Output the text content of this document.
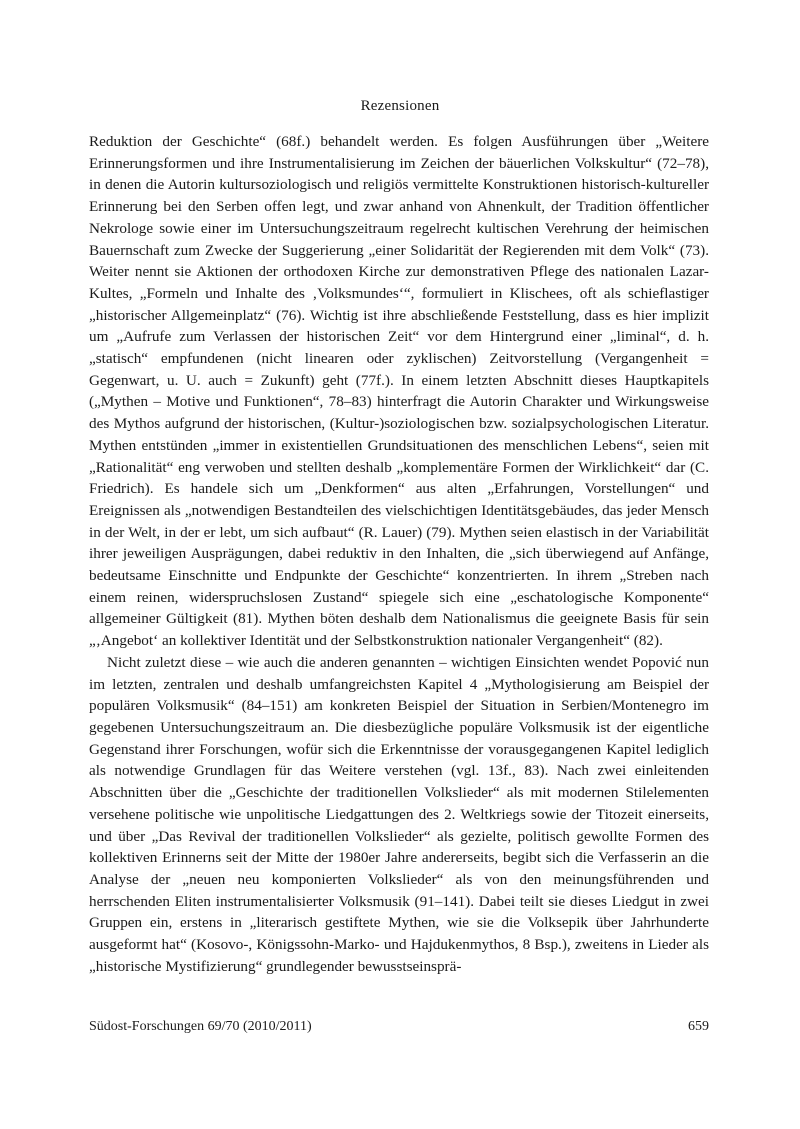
Rezensionen

Reduktion der Geschichte“ (68f.) behandelt werden. Es folgen Ausführungen über „Weitere Erinnerungsformen und ihre Instrumentalisierung im Zeichen der bäuerlichen Volkskultur“ (72–78), in denen die Autorin kultursoziologisch und religiös vermittelte Konstruktionen historisch-kultureller Erinnerung bei den Serben offen legt, und zwar anhand von Ahnenkult, der Tradition öffentlicher Nekrologe sowie einer im Untersuchungszeitraum regelrecht kultischen Verehrung der heimischen Bauernschaft zum Zwecke der Suggerierung „einer Solidarität der Regierenden mit dem Volk“ (73). Weiter nennt sie Aktionen der orthodoxen Kirche zur demonstrativen Pflege des nationalen Lazar-Kultes, „Formeln und Inhalte des ‚Volksmundes‘“, formuliert in Klischees, oft als schieflastiger „historischer Allgemeinplatz“ (76). Wichtig ist ihre abschließende Feststellung, dass es hier implizit um „Aufrufe zum Verlassen der historischen Zeit“ vor dem Hintergrund einer „liminal“, d. h. „statisch“ empfundenen (nicht linearen oder zyklischen) Zeitvorstellung (Vergangenheit = Gegenwart, u. U. auch = Zukunft) geht (77f.). In einem letzten Abschnitt dieses Hauptkapitels („Mythen – Motive und Funktionen“, 78–83) hinterfragt die Autorin Charakter und Wirkungsweise des Mythos aufgrund der historischen, (Kultur-)soziologischen bzw. sozialpsychologischen Literatur. Mythen entstünden „immer in existentiellen Grundsituationen des menschlichen Lebens“, seien mit „Rationalität“ eng verwoben und stellten deshalb „komplementäre Formen der Wirklichkeit“ dar (C. Friedrich). Es handele sich um „Denkformen“ aus alten „Erfahrungen, Vorstellungen“ und Ereignissen als „notwendigen Bestandteilen des vielschichtigen Identitätsgebäudes, das jeder Mensch in der Welt, in der er lebt, um sich aufbaut“ (R. Lauer) (79). Mythen seien elastisch in der Variabilität ihrer jeweiligen Ausprägungen, dabei reduktiv in den Inhalten, die „sich überwiegend auf Anfänge, bedeutsame Einschnitte und Endpunkte der Geschichte“ konzentrierten. In ihrem „Streben nach einem reinen, widerspruchslosen Zustand“ spiegele sich eine „eschatologische Komponente“ allgemeiner Gültigkeit (81). Mythen böten deshalb dem Nationalismus die geeignete Basis für sein „‚Angebot‘ an kollektiver Identität und der Selbstkonstruktion nationaler Vergangenheit“ (82).

Nicht zuletzt diese – wie auch die anderen genannten – wichtigen Einsichten wendet Popović nun im letzten, zentralen und deshalb umfangreichsten Kapitel 4 „Mythologisierung am Beispiel der populären Volksmusik“ (84–151) am konkreten Beispiel der Situation in Serbien/Montenegro im gegebenen Untersuchungszeitraum an. Die diesbezügliche populäre Volksmusik ist der eigentliche Gegenstand ihrer Forschungen, wofür sich die Erkenntnisse der vorausgegangenen Kapitel lediglich als notwendige Grundlagen für das Weitere verstehen (vgl. 13f., 83). Nach zwei einleitenden Abschnitten über die „Geschichte der traditionellen Volkslieder“ als mit modernen Stilelementen versehene politische wie unpolitische Liedgattungen des 2. Weltkriegs sowie der Titozeit einerseits, und über „Das Revival der traditionellen Volkslieder“ als gezielte, politisch gewollte Formen des kollektiven Erinnerns seit der Mitte der 1980er Jahre andererseits, begibt sich die Verfasserin an die Analyse der „neuen neu komponierten Volkslieder“ als von den meinungsführenden und herrschenden Eliten instrumentalisierter Volksmusik (91–141). Dabei teilt sie dieses Liedgut in zwei Gruppen ein, erstens in „literarisch gestiftete Mythen, wie sie die Volksepik über Jahrhunderte ausgeformt hat“ (Kosovo-, Königssohn-Marko- und Hajdukenmythos, 8 Bsp.), zweitens in Lieder als „historische Mystifizierung“ grundlegender bewusstseinsprä-

Südost-Forschungen 69/70 (2010/2011)	659
